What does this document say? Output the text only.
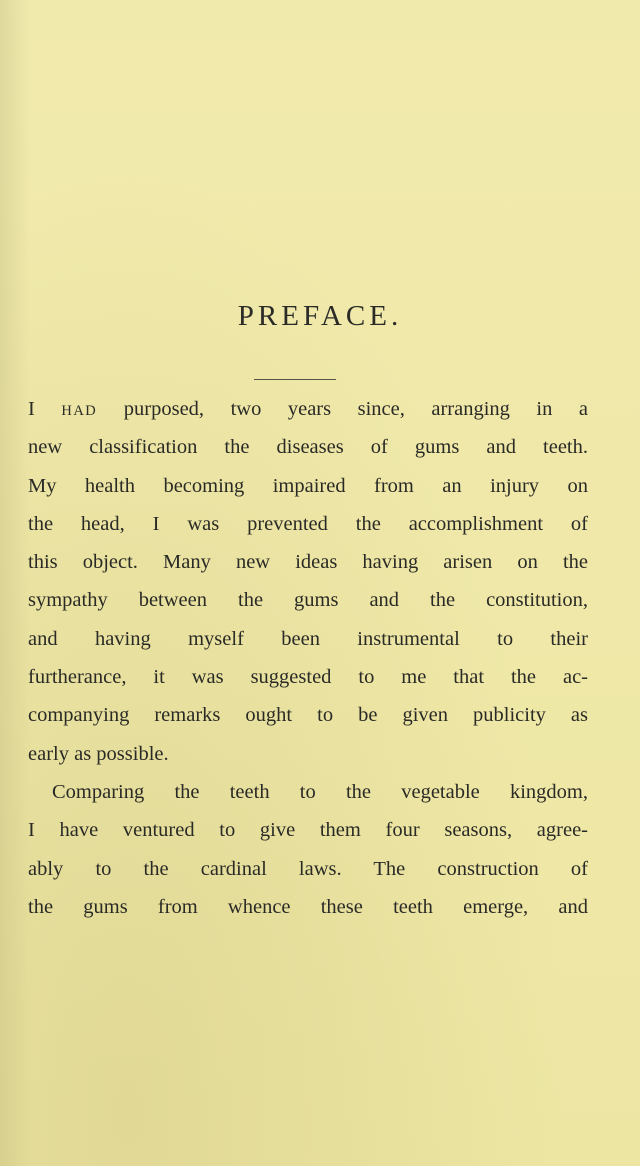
PREFACE.
I HAD purposed, two years since, arranging in a
new classification the diseases of gums and teeth.
My health becoming impaired from an injury on
the head, I was prevented the accomplishment of
this object. Many new ideas having arisen on the
sympathy between the gums and the constitution,
and having myself been instrumental to their
furtherance, it was suggested to me that the ac-
companying remarks ought to be given publicity as
early as possible.
Comparing the teeth to the vegetable kingdom,
I have ventured to give them four seasons, agree-
ably to the cardinal laws. The construction of
the gums from whence these teeth emerge, and
